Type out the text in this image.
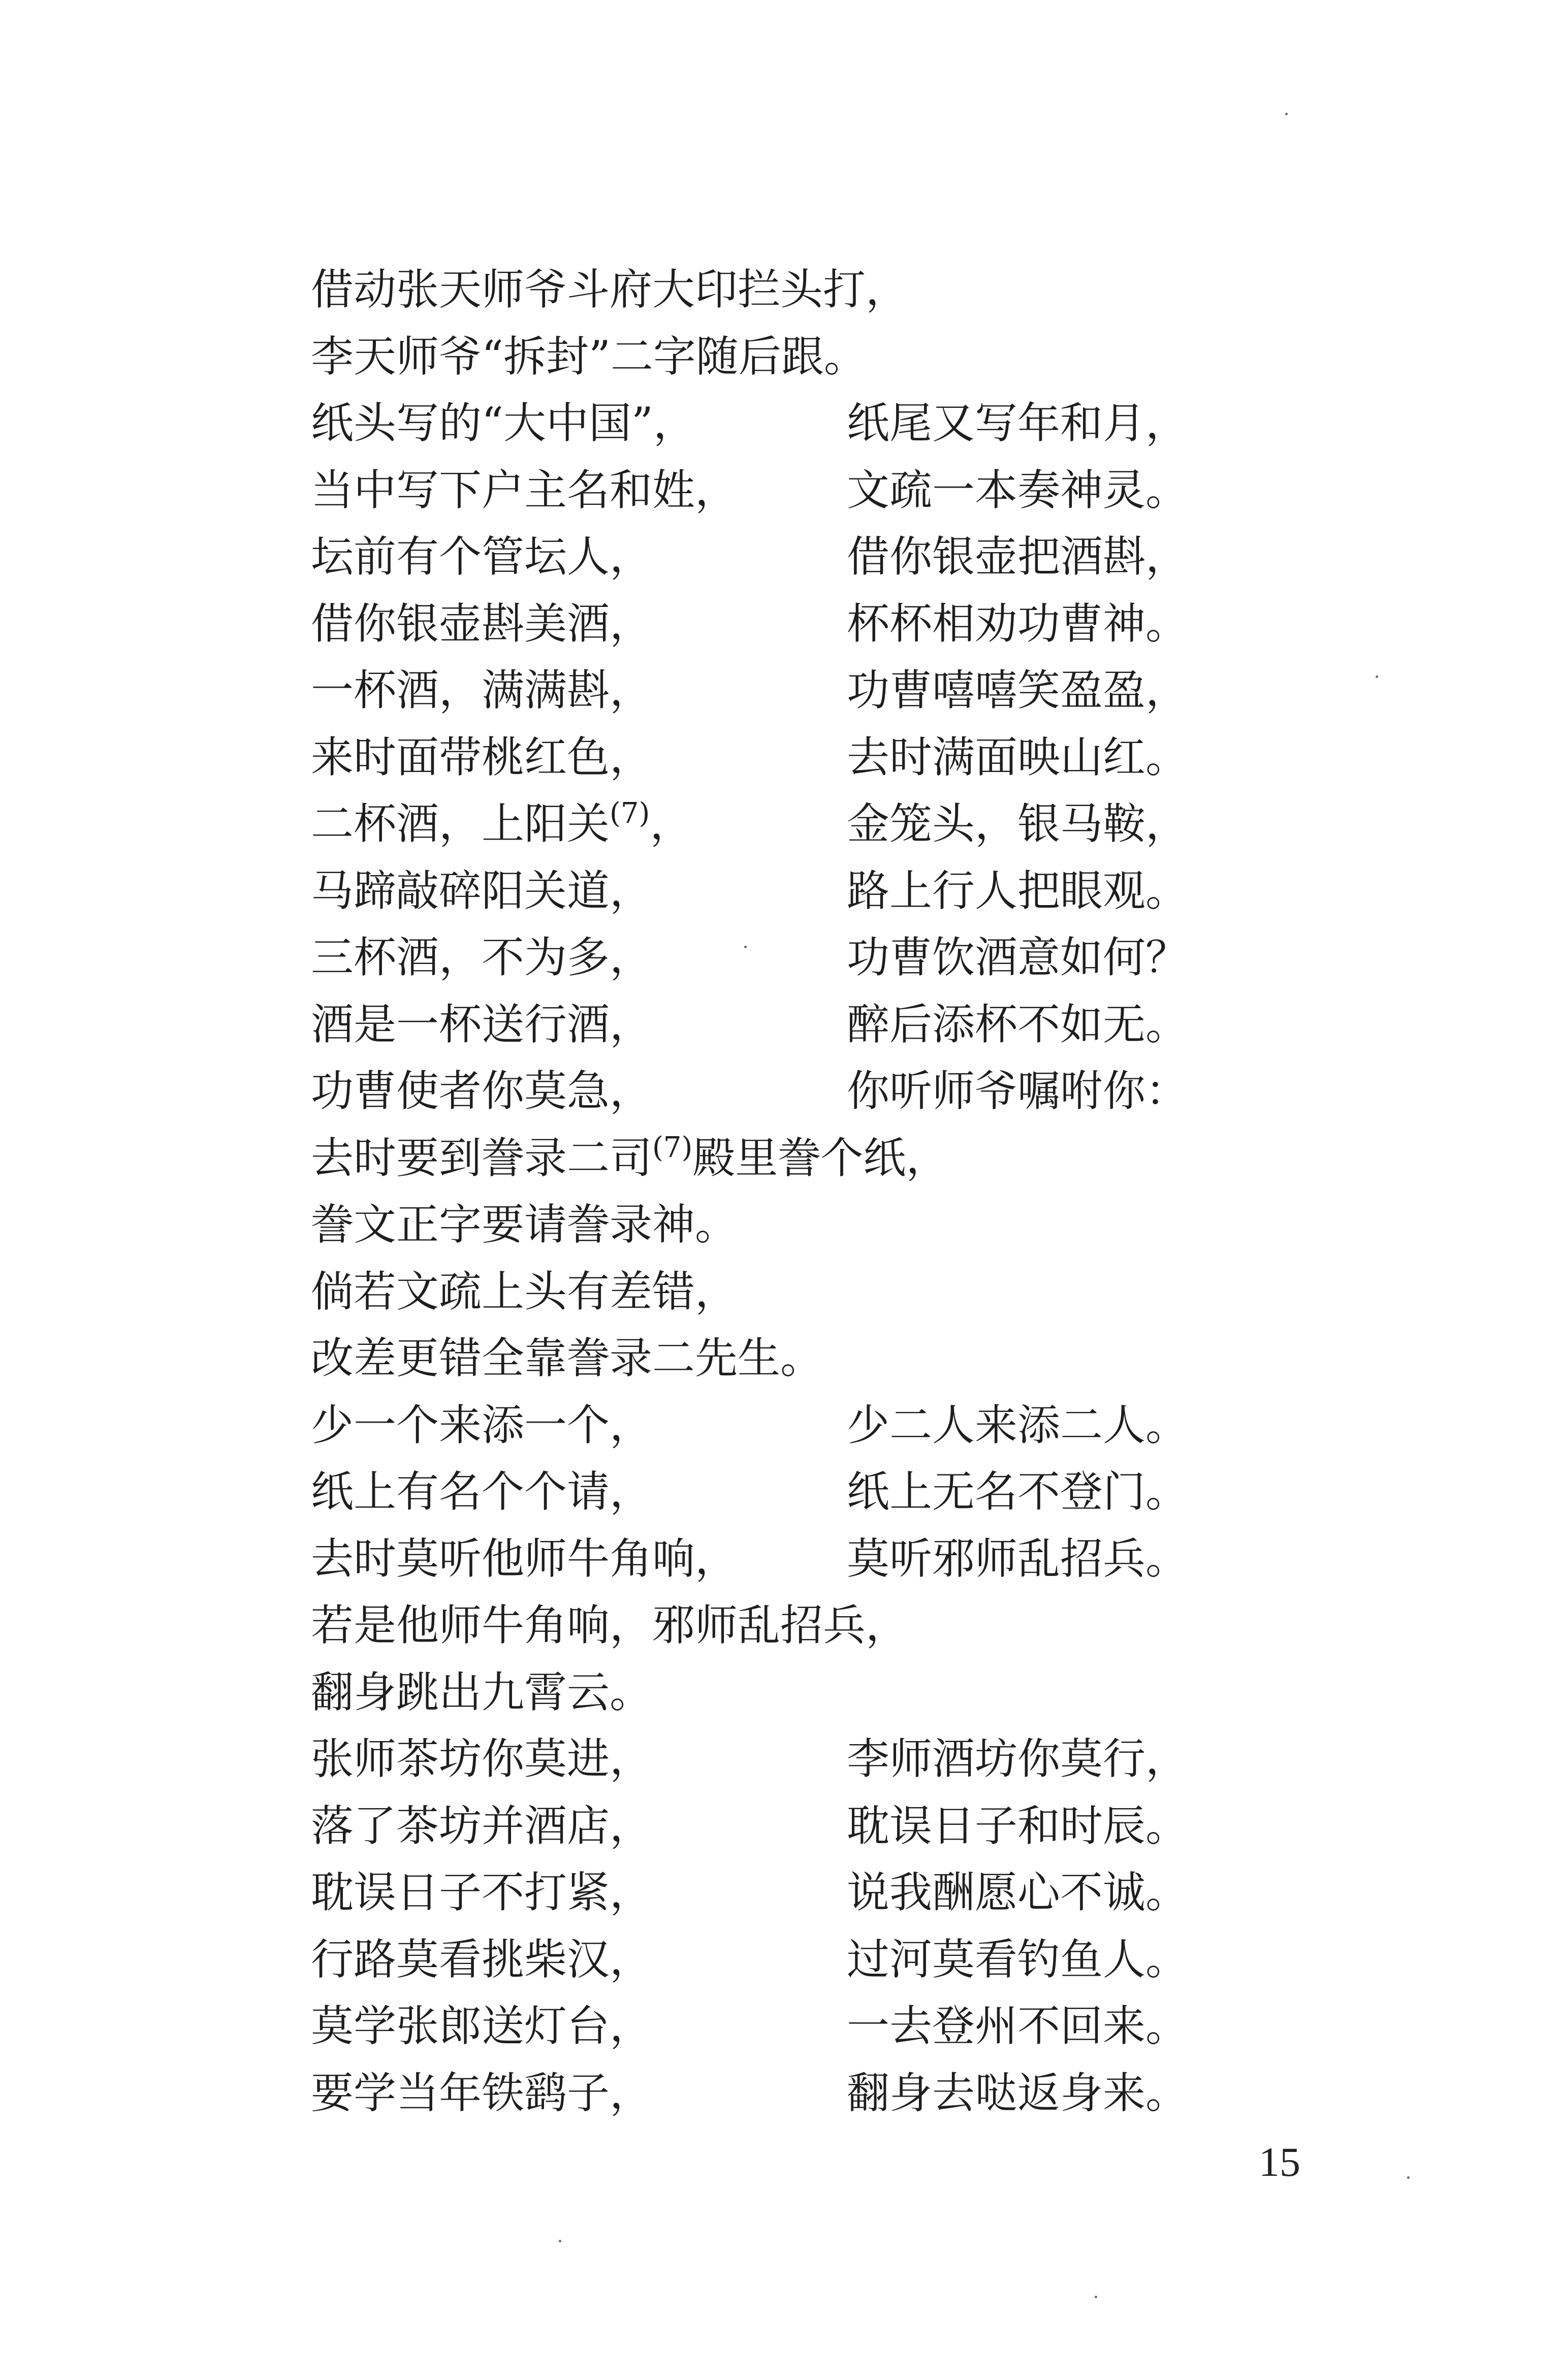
借动张天师爷斗府大印拦头打，
李天师爷“拆封”二字随后跟。
纸头写的“大中国”，	纸尾又写年和月，
当中写下户主名和姓，	文疏一本奏神灵。
坛前有个管坛人，	借你银壶把酒斟，
借你银壶斟美酒，	杯杯相劝功曹神。
一杯酒，满满斟，	功曹嘻嘻笑盈盈，
来时面带桃红色，	去时满面映山红。
二杯酒，上阳关$^{(7)}$，	金笼头，银马鞍，
马蹄敲碎阳关道，	路上行人把眼观。
三杯酒，不为多，	功曹饮酒意如何？
酒是一杯送行酒，	醉后添杯不如无。
功曹使者你莫急，	你听师爷嘱咐你：
去时要到誊录二司$^{(7)}$殿里誊个纸，
誊文正字要请誊录神。
倘若文疏上头有差错，
改差更错全靠誊录二先生。
少一个来添一个，	少二人来添二人。
纸上有名个个请，	纸上无名不登门。
去时莫听他师牛角响，	莫听邪师乱招兵。
若是他师牛角响，邪师乱招兵，
翻身跳出九霄云。
张师茶坊你莫进，	李师酒坊你莫行，
落了茶坊并酒店，	耽误日子和时辰。
耽误日子不打紧，	说我酬愿心不诚。
行路莫看挑柴汉，	过河莫看钓鱼人。
莫学张郎送灯台，	一去登州不回来。
要学当年铁鹞子，	翻身去哒返身来。
15
